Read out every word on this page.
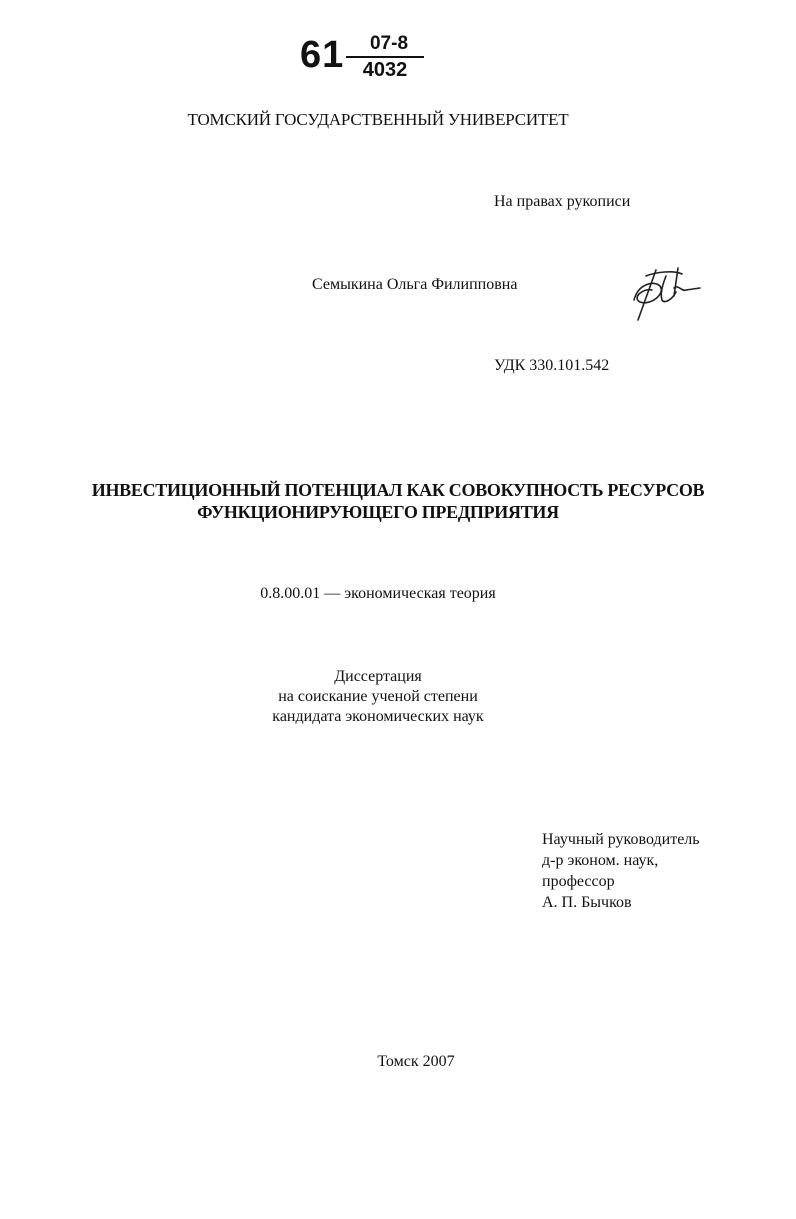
61	07-8
4032
ТОМСКИЙ ГОСУДАРСТВЕННЫЙ УНИВЕРСИТЕТ
На правах рукописи
Семыкина Ольга Филипповна
УДК 330.101.542
ИНВЕСТИЦИОННЫЙ ПОТЕНЦИАЛ КАК СОВОКУПНОСТЬ РЕСУРСОВ
ФУНКЦИОНИРУЮЩЕГО ПРЕДПРИЯТИЯ
0.8.00.01 — экономическая теория
Диссертация
на соискание ученой степени
кандидата экономических наук
Научный руководитель
д-р эконом. наук,
профессор
А. П. Бычков
Томск 2007
